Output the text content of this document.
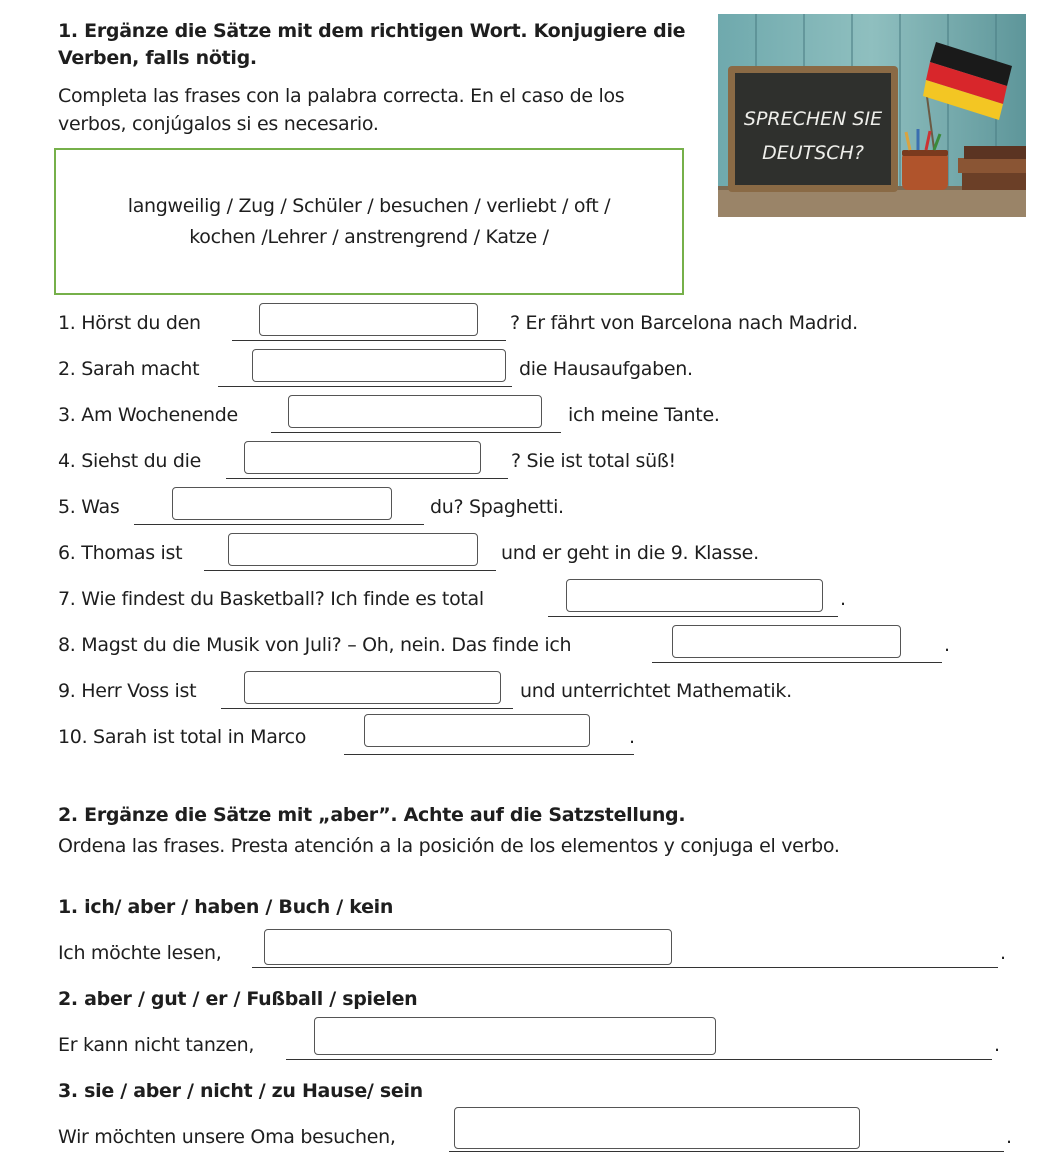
1. Ergänze die Sätze mit dem richtigen Wort. Konjugiere die
Verben, falls nötig.
Completa las frases con la palabra correcta. En el caso de los
verbos, conjúgalos si es necesario.
langweilig / Zug / Schüler / besuchen / verliebt / oft /
kochen /Lehrer / anstrengrend / Katze /
SPRECHEN SIE
DEUTSCH?
1. Hörst du den	? Er fährt von Barcelona nach Madrid.
2. Sarah macht	die Hausaufgaben.
3. Am Wochenende	ich meine Tante.
4. Siehst du die	? Sie ist total süß!
5. Was	du? Spaghetti.
6. Thomas ist	und er geht in die 9. Klasse.
7. Wie findest du Basketball? Ich finde es total	.
8. Magst du die Musik von Juli? – Oh, nein. Das finde ich	.
9. Herr Voss ist	und unterrichtet Mathematik.
10. Sarah ist total in Marco	.
2. Ergänze die Sätze mit „aber”. Achte auf die Satzstellung.
Ordena las frases. Presta atención a la posición de los elementos y conjuga el verbo.
1. ich/ aber / haben / Buch / kein
Ich möchte lesen,	.
2. aber / gut / er / Fußball / spielen
Er kann nicht tanzen,	.
3. sie / aber / nicht / zu Hause/ sein
Wir möchten unsere Oma besuchen,	.
